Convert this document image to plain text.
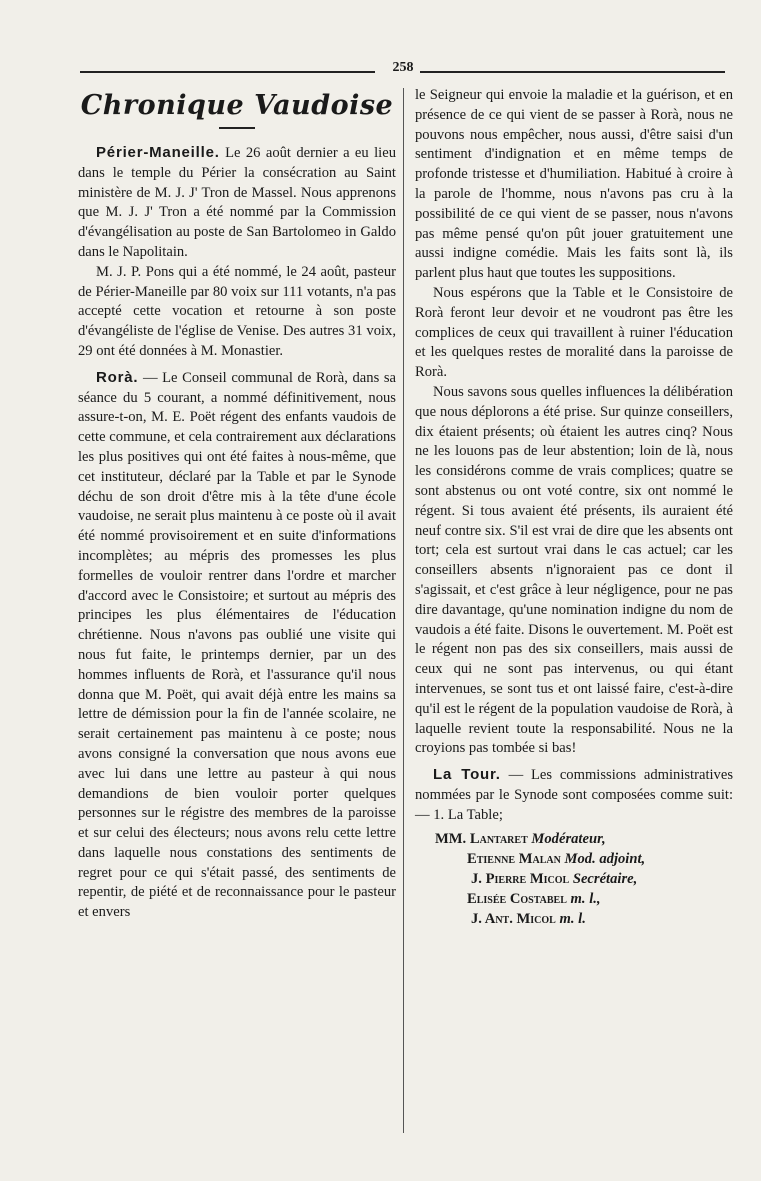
258
Chronique Vaudoise

Périer-Maneille. Le 26 août dernier a eu lieu dans le temple du Périer la consécration au Saint ministère de M. J. J' Tron de Massel. Nous apprenons que M. J. J' Tron a été nommé par la Commission d'évangélisation au poste de San Bartolomeo in Galdo dans le Napolitain.

M. J. P. Pons qui a été nommé, le 24 août, pasteur de Périer-Maneille par 80 voix sur 111 votants, n'a pas accepté cette vocation et retourne à son poste d'évangéliste de l'église de Venise. Des autres 31 voix, 29 ont été données à M. Monastier.

Rorà. — Le Conseil communal de Rorà, dans sa séance du 5 courant, a nommé définitivement, nous assure-t-on, M. E. Poët régent des enfants vaudois de cette commune, et cela contrairement aux déclarations les plus positives qui ont été faites à nous-même, que cet instituteur, déclaré par la Table et par le Synode déchu de son droit d'être mis à la tête d'une école vaudoise, ne serait plus maintenu à ce poste où il avait été nommé provisoirement et en suite d'informations incomplètes; au mépris des promesses les plus formelles de vouloir rentrer dans l'ordre et marcher d'accord avec le Consistoire; et surtout au mépris des principes les plus élémentaires de l'éducation chrétienne. Nous n'avons pas oublié une visite qui nous fut faite, le printemps dernier, par un des hommes influents de Rorà, et l'assurance qu'il nous donna que M. Poët, qui avait déjà entre les mains sa lettre de démission pour la fin de l'année scolaire, ne serait certainement pas maintenu à ce poste; nous avons consigné la conversation que nous avons eue avec lui dans une lettre au pasteur à qui nous demandions de bien vouloir porter quelques personnes sur le régistre des membres de la paroisse et sur celui des électeurs; nous avons relu cette lettre dans laquelle nous constations des sentiments de regret pour ce qui s'était passé, des sentiments de repentir, de piété et de reconnaissance pour le pasteur et envers

le Seigneur qui envoie la maladie et la guérison, et en présence de ce qui vient de se passer à Rorà, nous ne pouvons nous empêcher, nous aussi, d'être saisi d'un sentiment d'indignation et en même temps de profonde tristesse et d'humiliation. Habitué à croire à la parole de l'homme, nous n'avons pas cru à la possibilité de ce qui vient de se passer, nous n'avons pas même pensé qu'on pût jouer gratuitement une aussi indigne comédie. Mais les faits sont là, ils parlent plus haut que toutes les suppositions.

Nous espérons que la Table et le Consistoire de Rorà feront leur devoir et ne voudront pas être les complices de ceux qui travaillent à ruiner l'éducation et les quelques restes de moralité dans la paroisse de Rorà.

Nous savons sous quelles influences la délibération que nous déplorons a été prise. Sur quinze conseillers, dix étaient présents; où étaient les autres cinq? Nous ne les louons pas de leur abstention; loin de là, nous les considérons comme de vrais complices; quatre se sont abstenus ou ont voté contre, six ont nommé le régent. Si tous avaient été présents, ils auraient été neuf contre six. S'il est vrai de dire que les absents ont tort; cela est surtout vrai dans le cas actuel; car les conseillers absents n'ignoraient pas ce dont il s'agissait, et c'est grâce à leur négligence, pour ne pas dire davantage, qu'une nomination indigne du nom de vaudois a été faite. Disons le ouvertement. M. Poët est le régent non pas des six conseillers, mais aussi de ceux qui ne sont pas intervenus, ou qui étant intervenues, se sont tus et ont laissé faire, c'est-à-dire qu'il est le régent de la population vaudoise de Rorà, à laquelle revient toute la responsabilité. Nous ne la croyions pas tombée si bas!

La Tour. — Les commissions administratives nommées par le Synode sont composées comme suit: — 1. La Table;

MM. Lantaret Modérateur,
Etienne Malan Mod. adjoint,
J. Pierre Micol Secrétaire,
Elisée Costabel m. l.,
J. Ant. Micol m. l.
